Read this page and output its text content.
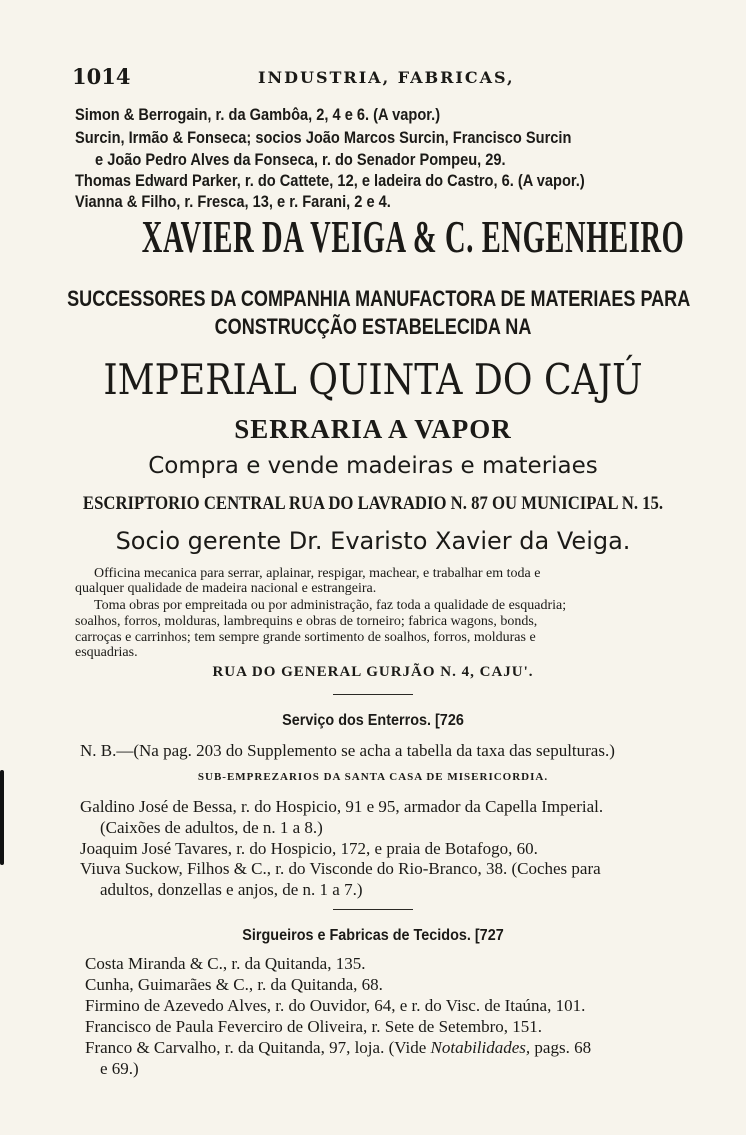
1014	INDUSTRIA, FABRICAS,
Simon & Berrogain, r. da Gambôa, 2, 4 e 6. (A vapor.)
Surcin, Irmão & Fonseca; socios João Marcos Surcin, Francisco Surcin
e João Pedro Alves da Fonseca, r. do Senador Pompeu, 29.
Thomas Edward Parker, r. do Cattete, 12, e ladeira do Castro, 6. (A vapor.)
Vianna & Filho, r. Fresca, 13, e r. Farani, 2 e 4.
XAVIER DA VEIGA & C. ENGENHEIRO
SUCCESSORES DA COMPANHIA MANUFACTORA DE MATERIAES PARA
CONSTRUCÇÃO ESTABELECIDA NA
IMPERIAL QUINTA DO CAJÚ
SERRARIA A VAPOR
Compra e vende madeiras e materiaes
ESCRIPTORIO CENTRAL RUA DO LAVRADIO N. 87 OU MUNICIPAL N. 15.
Socio gerente Dr. Evaristo Xavier da Veiga.
Officina mecanica para serrar, aplainar, respigar, machear, e trabalhar em toda e
qualquer qualidade de madeira nacional e estrangeira.
Toma obras por empreitada ou por administração, faz toda a qualidade de esquadria;
soalhos, forros, molduras, lambrequins e obras de torneiro; fabrica wagons, bonds,
carroças e carrinhos; tem sempre grande sortimento de soalhos, forros, molduras e
esquadrias.
RUA DO GENERAL GURJÃO N. 4, CAJU'.
Serviço dos Enterros. [726
N. B.—(Na pag. 203 do Supplemento se acha a tabella da taxa das sepulturas.)
SUB-EMPREZARIOS DA SANTA CASA DE MISERICORDIA.
Galdino José de Bessa, r. do Hospicio, 91 e 95, armador da Capella Imperial.
(Caixões de adultos, de n. 1 a 8.)
Joaquim José Tavares, r. do Hospicio, 172, e praia de Botafogo, 60.
Viuva Suckow, Filhos & C., r. do Visconde do Rio-Branco, 38. (Coches para
adultos, donzellas e anjos, de n. 1 a 7.)
Sirgueiros e Fabricas de Tecidos. [727
Costa Miranda & C., r. da Quitanda, 135.
Cunha, Guimarães & C., r. da Quitanda, 68.
Firmino de Azevedo Alves, r. do Ouvidor, 64, e r. do Visc. de Itaúna, 101.
Francisco de Paula Feverciro de Oliveira, r. Sete de Setembro, 151.
Franco & Carvalho, r. da Quitanda, 97, loja. (Vide Notabilidades, pags. 68
e 69.)
